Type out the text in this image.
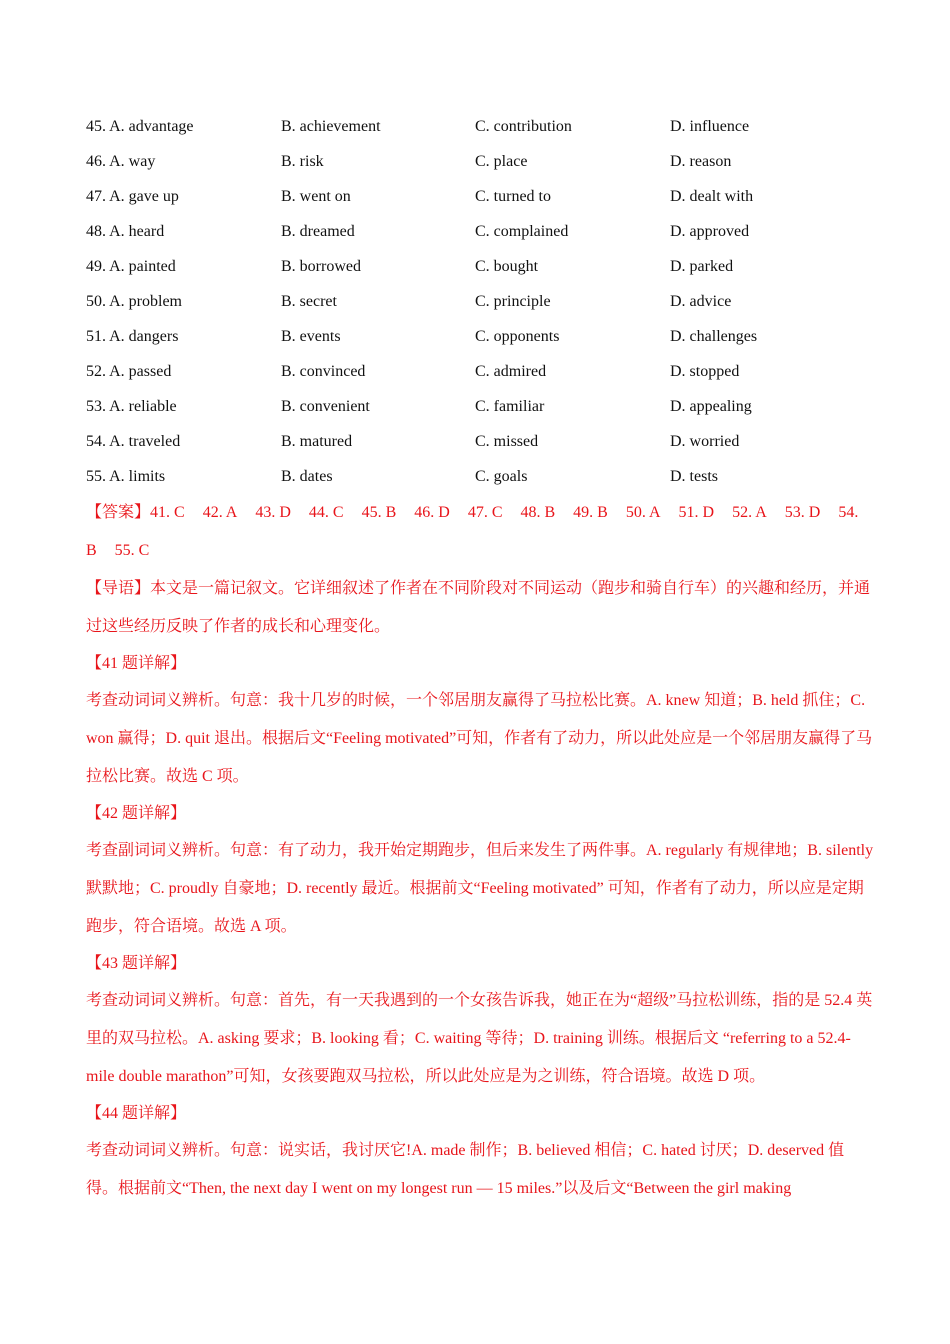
45. A. advantage	B. achievement	C. contribution	D. influence
46. A. way	B. risk	C. place	D. reason
47. A. gave up	B. went on	C. turned to	D. dealt with
48. A. heard	B. dreamed	C. complained	D. approved
49. A. painted	B. borrowed	C. bought	D. parked
50. A. problem	B. secret	C. principle	D. advice
51. A. dangers	B. events	C. opponents	D. challenges
52. A. passed	B. convinced	C. admired	D. stopped
53. A. reliable	B. convenient	C. familiar	D. appealing
54. A. traveled	B. matured	C. missed	D. worried
55. A. limits	B. dates	C. goals	D. tests
【答案】41. C 42. A 43. D 44. C 45. B 46. D 47. C 48. B 49. B 50. A 51. D 52. A 53. D 54. B 55. C
【导语】本文是一篇记叙文。它详细叙述了作者在不同阶段对不同运动（跑步和骑自行车）的兴趣和经历，并通过这些经历反映了作者的成长和心理变化。
【41 题详解】
考查动词词义辨析。句意：我十几岁的时候，一个邻居朋友赢得了马拉松比赛。A. knew 知道；B. held 抓住；C. won 赢得；D. quit 退出。根据后文“Feeling motivated”可知，作者有了动力，所以此处应是一个邻居朋友赢得了马拉松比赛。故选 C 项。
【42 题详解】
考查副词词义辨析。句意：有了动力，我开始定期跑步，但后来发生了两件事。A. regularly 有规律地；B. silently 默默地；C. proudly 自豪地；D. recently 最近。根据前文“Feeling motivated” 可知，作者有了动力，所以应是定期跑步，符合语境。故选 A 项。
【43 题详解】
考查动词词义辨析。句意：首先，有一天我遇到的一个女孩告诉我，她正在为“超级”马拉松训练，指的是 52.4 英里的双马拉松。A. asking 要求；B. looking 看；C. waiting 等待；D. training 训练。根据后文 “referring to a 52.4-mile double marathon”可知，女孩要跑双马拉松，所以此处应是为之训练，符合语境。故选 D 项。
【44 题详解】
考查动词词义辨析。句意：说实话，我讨厌它!A. made 制作；B. believed 相信；C. hated 讨厌；D. deserved 值得。根据前文“Then, the next day I went on my longest run — 15 miles.”以及后文“Between the girl making
